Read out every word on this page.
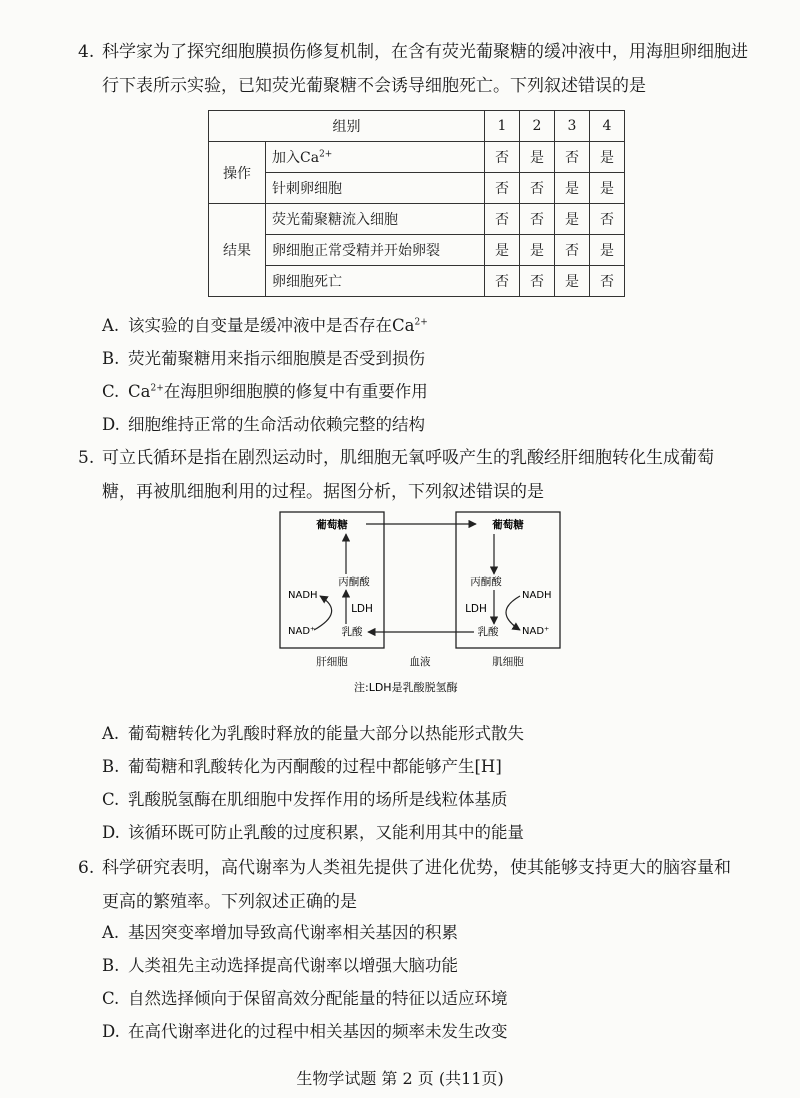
4. 科学家为了探究细胞膜损伤修复机制，在含有荧光葡聚糖的缓冲液中，用海胆卵细胞进
行下表所示实验，已知荧光葡聚糖不会诱导细胞死亡。下列叙述错误的是
组别		1	2	3	4
操作	加入$Ca^{2+}$	否	是	否	是
	针刺卵细胞	否	否	是	是
结果	荧光葡聚糖流入细胞	否	否	是	否
	卵细胞正常受精并开始卵裂	是	是	否	是
	卵细胞死亡	否	否	是	否
A. 该实验的自变量是缓冲液中是否存在$Ca^{2+}$
B. 荧光葡聚糖用来指示细胞膜是否受到损伤
C. $Ca^{2+}$在海胆卵细胞膜的修复中有重要作用
D. 细胞维持正常的生命活动依赖完整的结构
5. 可立氏循环是指在剧烈运动时，肌细胞无氧呼吸产生的乳酸经肝细胞转化生成葡萄
糖，再被肌细胞利用的过程。据图分析，下列叙述错误的是
葡萄糖
丙酮酸
LDH
乳酸
NADH
NAD⁺
葡萄糖
丙酮酸
LDH
乳酸
NADH
NAD⁺
肝细胞	血液	肌细胞
注:LDH是乳酸脱氢酶
A. 葡萄糖转化为乳酸时释放的能量大部分以热能形式散失
B. 葡萄糖和乳酸转化为丙酮酸的过程中都能够产生[H]
C. 乳酸脱氢酶在肌细胞中发挥作用的场所是线粒体基质
D. 该循环既可防止乳酸的过度积累，又能利用其中的能量
6. 科学研究表明，高代谢率为人类祖先提供了进化优势，使其能够支持更大的脑容量和
更高的繁殖率。下列叙述正确的是
A. 基因突变率增加导致高代谢率相关基因的积累
B. 人类祖先主动选择提高代谢率以增强大脑功能
C. 自然选择倾向于保留高效分配能量的特征以适应环境
D. 在高代谢率进化的过程中相关基因的频率未发生改变
生物学试题 第 2 页 (共11页)
